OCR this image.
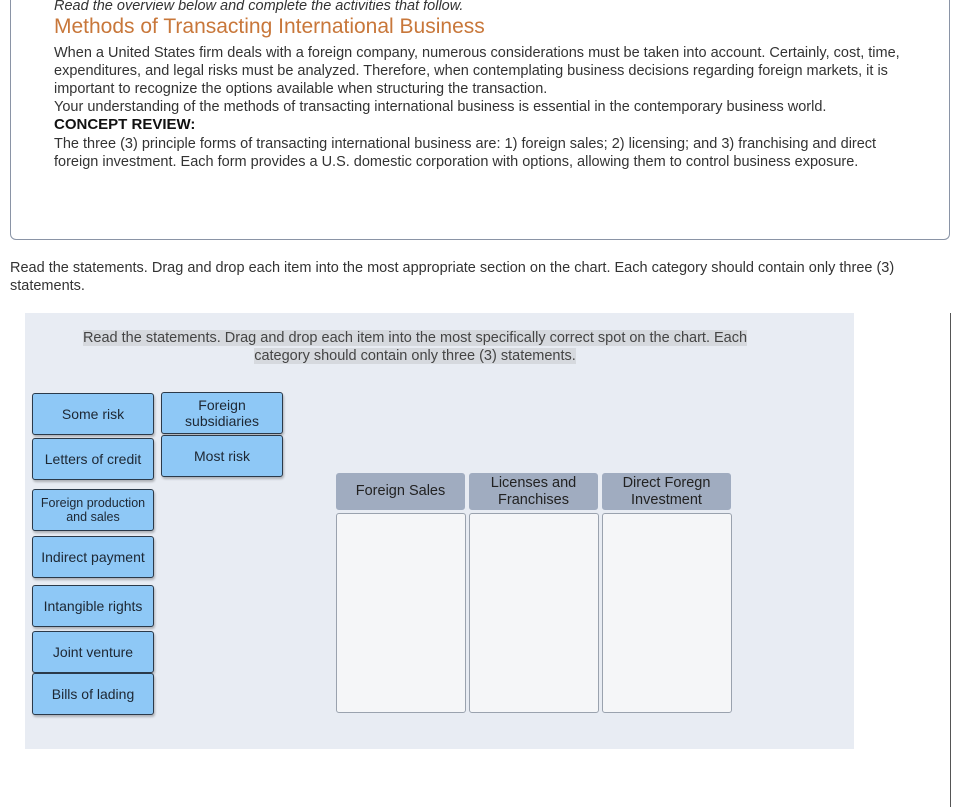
Read the overview below and complete the activities that follow.
Methods of Transacting International Business
When a United States firm deals with a foreign company, numerous considerations must be taken into account. Certainly, cost, time, expenditures, and legal risks must be analyzed. Therefore, when contemplating business decisions regarding foreign markets, it is important to recognize the options available when structuring the transaction.
Your understanding of the methods of transacting international business is essential in the contemporary business world.
CONCEPT REVIEW:
The three (3) principle forms of transacting international business are: 1) foreign sales; 2) licensing; and 3) franchising and direct foreign investment. Each form provides a U.S. domestic corporation with options, allowing them to control business exposure.
Read the statements. Drag and drop each item into the most appropriate section on the chart. Each category should contain only three (3) statements.
Read the statements. Drag and drop each item into the most specifically correct spot on the chart. Each category should contain only three (3) statements.
Some risk
Foreign subsidiaries
Letters of credit	Most risk
Foreign production and sales
Indirect payment
Intangible rights
Joint venture
Bills of lading
Foreign Sales
Licenses and Franchises
Direct Foregn Investment
